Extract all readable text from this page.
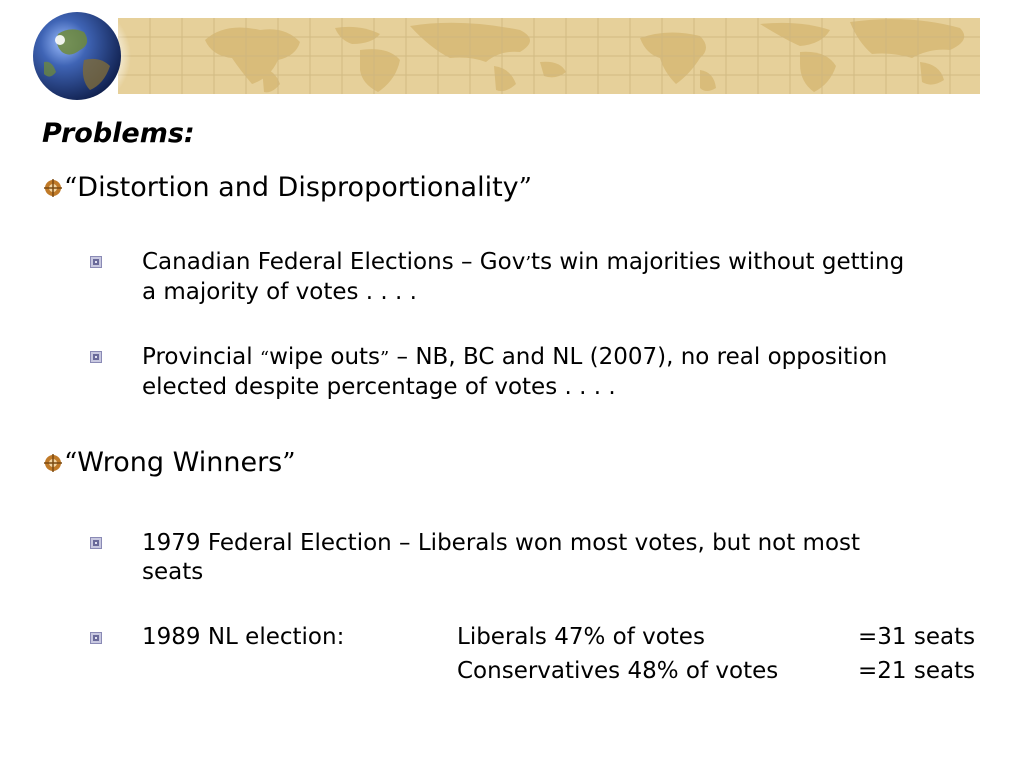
Problems:
“ Distortion and Disproportionality ”
Canadian Federal Elections – Gov’ts win majorities without getting
a majority of votes . . . .
Provincial “wipe outs” – NB, BC and NL (2007), no real opposition
elected despite percentage of votes . . . .
“ Wrong Winners ”
1979 Federal Election – Liberals won most votes, but not most
seats
1989 NL election:	Liberals 47% of votes	=31 seats
Conservatives 48% of votes	=21 seats
